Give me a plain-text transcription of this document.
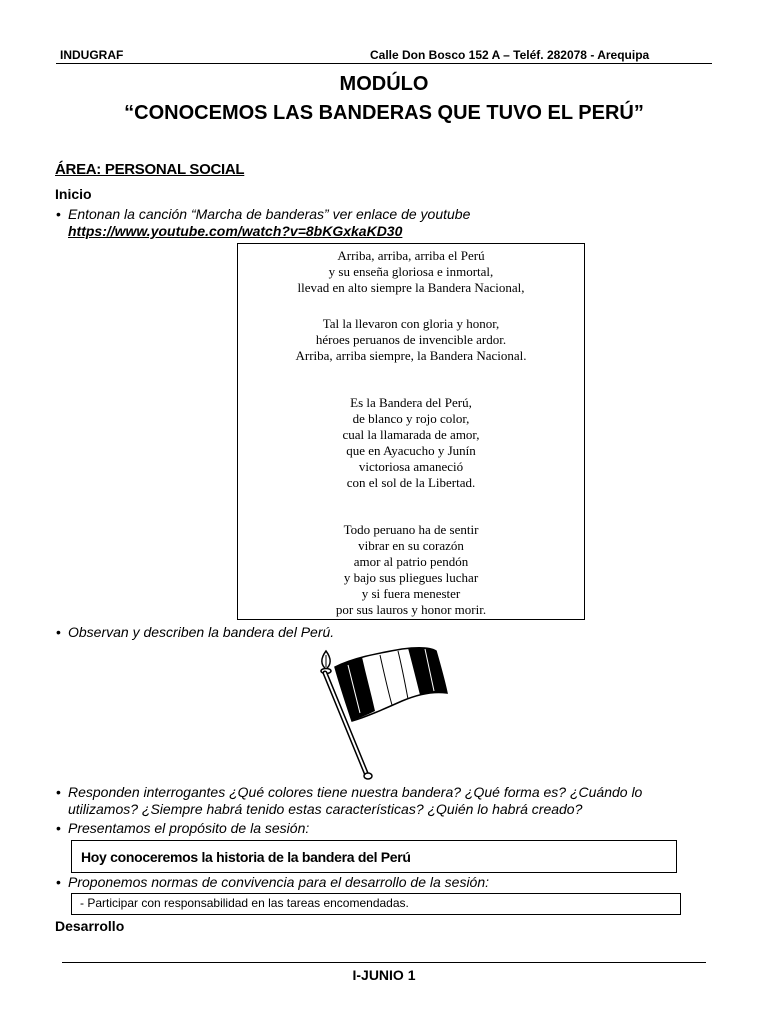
INDUGRAF	Calle Don Bosco 152 A – Teléf. 282078 - Arequipa
MODÚLO
“CONOCEMOS LAS BANDERAS QUE TUVO EL PERÚ”
ÁREA: PERSONAL SOCIAL
Inicio
• Entonan la canción “Marcha de banderas” ver enlace de youtube
https://www.youtube.com/watch?v=8bKGxkaKD30
Arriba, arriba, arriba el Perú
y su enseña gloriosa e inmortal,
llevad en alto siempre la Bandera Nacional,
Tal la llevaron con gloria y honor,
héroes peruanos de invencible ardor.
Arriba, arriba siempre, la Bandera Nacional.
Es la Bandera del Perú,
de blanco y rojo color,
cual la llamarada de amor,
que en Ayacucho y Junín
victoriosa amaneció
con el sol de la Libertad.
Todo peruano ha de sentir
vibrar en su corazón
amor al patrio pendón
y bajo sus pliegues luchar
y si fuera menester
por sus lauros y honor morir.
• Observan y describen la bandera del Perú.
• Responden interrogantes ¿Qué colores tiene nuestra bandera? ¿Qué forma es? ¿Cuándo lo
utilizamos? ¿Siempre habrá tenido estas características? ¿Quién lo habrá creado?
• Presentamos el propósito de la sesión:
Hoy conoceremos la historia de la bandera del Perú
• Proponemos normas de convivencia para el desarrollo de la sesión:
- Participar con responsabilidad en las tareas encomendadas.
Desarrollo
I-JUNIO 1
